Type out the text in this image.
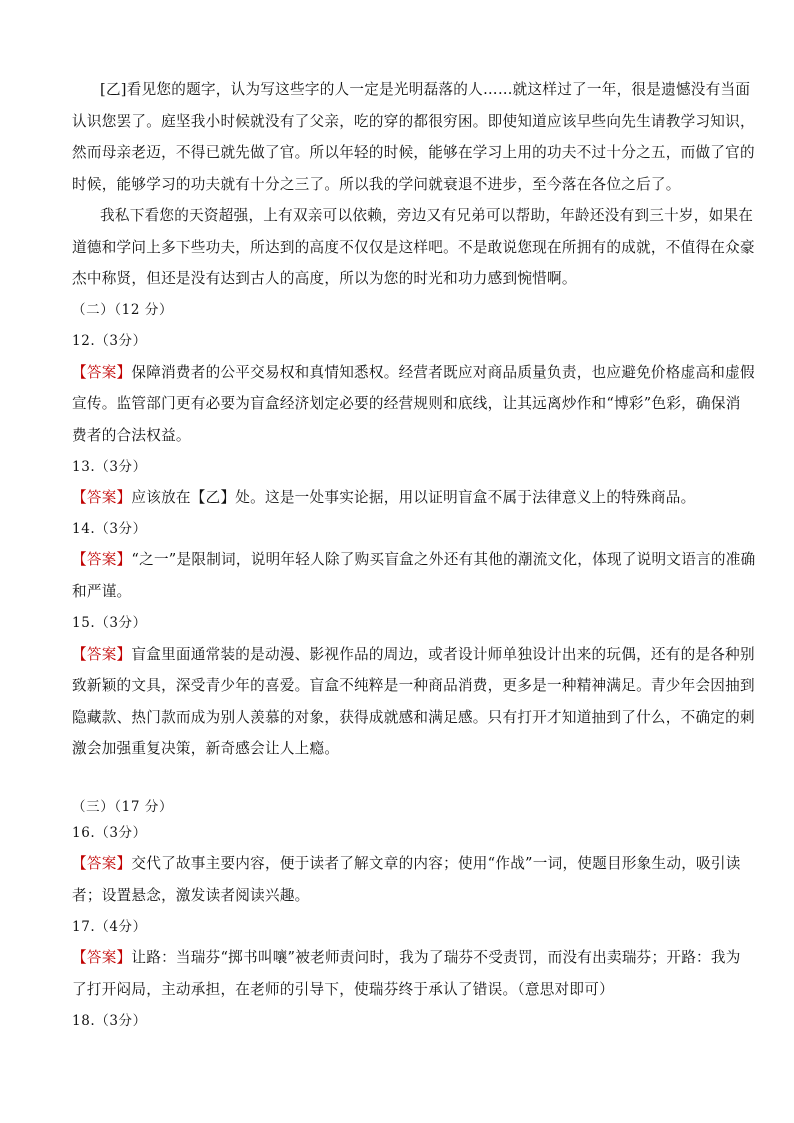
[乙]看见您的题字，认为写这些字的人一定是光明磊落的人……就这样过了一年，很是遗憾没有当面
认识您罢了。庭坚我小时候就没有了父亲，吃的穿的都很穷困。即使知道应该早些向先生请教学习知识，
然而母亲老迈，不得已就先做了官。所以年轻的时候，能够在学习上用的功夫不过十分之五，而做了官的
时候，能够学习的功夫就有十分之三了。所以我的学问就衰退不进步，至今落在各位之后了。
我私下看您的天资超强，上有双亲可以依赖，旁边又有兄弟可以帮助，年龄还没有到三十岁，如果在
道德和学问上多下些功夫，所达到的高度不仅仅是这样吧。不是敢说您现在所拥有的成就，不值得在众豪
杰中称贤，但还是没有达到古人的高度，所以为您的时光和功力感到惋惜啊。
（二）（12 分）
12.（3分）
【答案】保障消费者的公平交易权和真情知悉权。经营者既应对商品质量负责，也应避免价格虚高和虚假
宣传。监管部门更有必要为盲盒经济划定必要的经营规则和底线，让其远离炒作和“博彩”色彩，确保消
费者的合法权益。
13.（3分）
【答案】应该放在【乙】处。这是一处事实论据，用以证明盲盒不属于法律意义上的特殊商品。
14.（3分）
【答案】“之一”是限制词，说明年轻人除了购买盲盒之外还有其他的潮流文化，体现了说明文语言的准确
和严谨。
15.（3分）
【答案】盲盒里面通常装的是动漫、影视作品的周边，或者设计师单独设计出来的玩偶，还有的是各种别
致新颖的文具，深受青少年的喜爱。盲盒不纯粹是一种商品消费，更多是一种精神满足。青少年会因抽到
隐藏款、热门款而成为别人羡慕的对象，获得成就感和满足感。只有打开才知道抽到了什么，不确定的刺
激会加强重复决策，新奇感会让人上瘾。
（三）（17 分）
16.（3分）
【答案】交代了故事主要内容，便于读者了解文章的内容；使用“作战”一词，使题目形象生动，吸引读
者；设置悬念，激发读者阅读兴趣。
17.（4分）
【答案】让路：当瑞芬“掷书叫嚷”被老师责问时，我为了瑞芬不受责罚，而没有出卖瑞芬；开路：我为
了打开闷局，主动承担，在老师的引导下，使瑞芬终于承认了错误。（意思对即可）
18.（3分）
